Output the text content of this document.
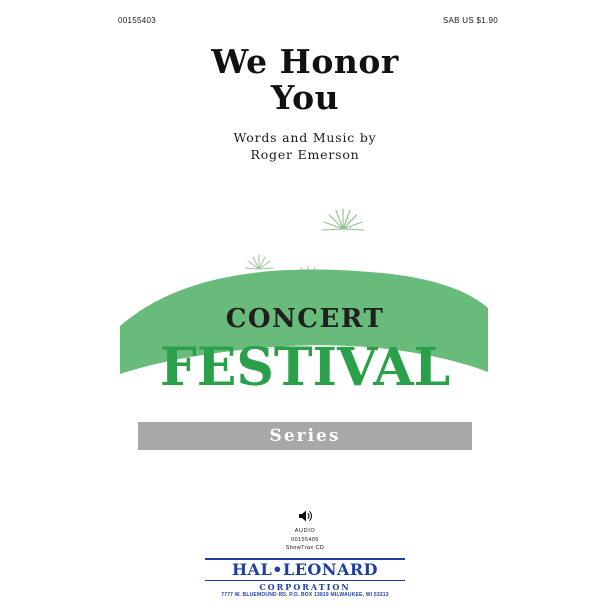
00155403	SAB US $1.90
We Honor
You
Words and Music by
Roger Emerson
CONCERT
FESTIVAL
Series
AUDIO
00155405
ShowTrax CD
HAL•LEONARD
CORPORATION
7777 W. BLUEMOUND RD. P.O. BOX 13819 MILWAUKEE, WI 53213
